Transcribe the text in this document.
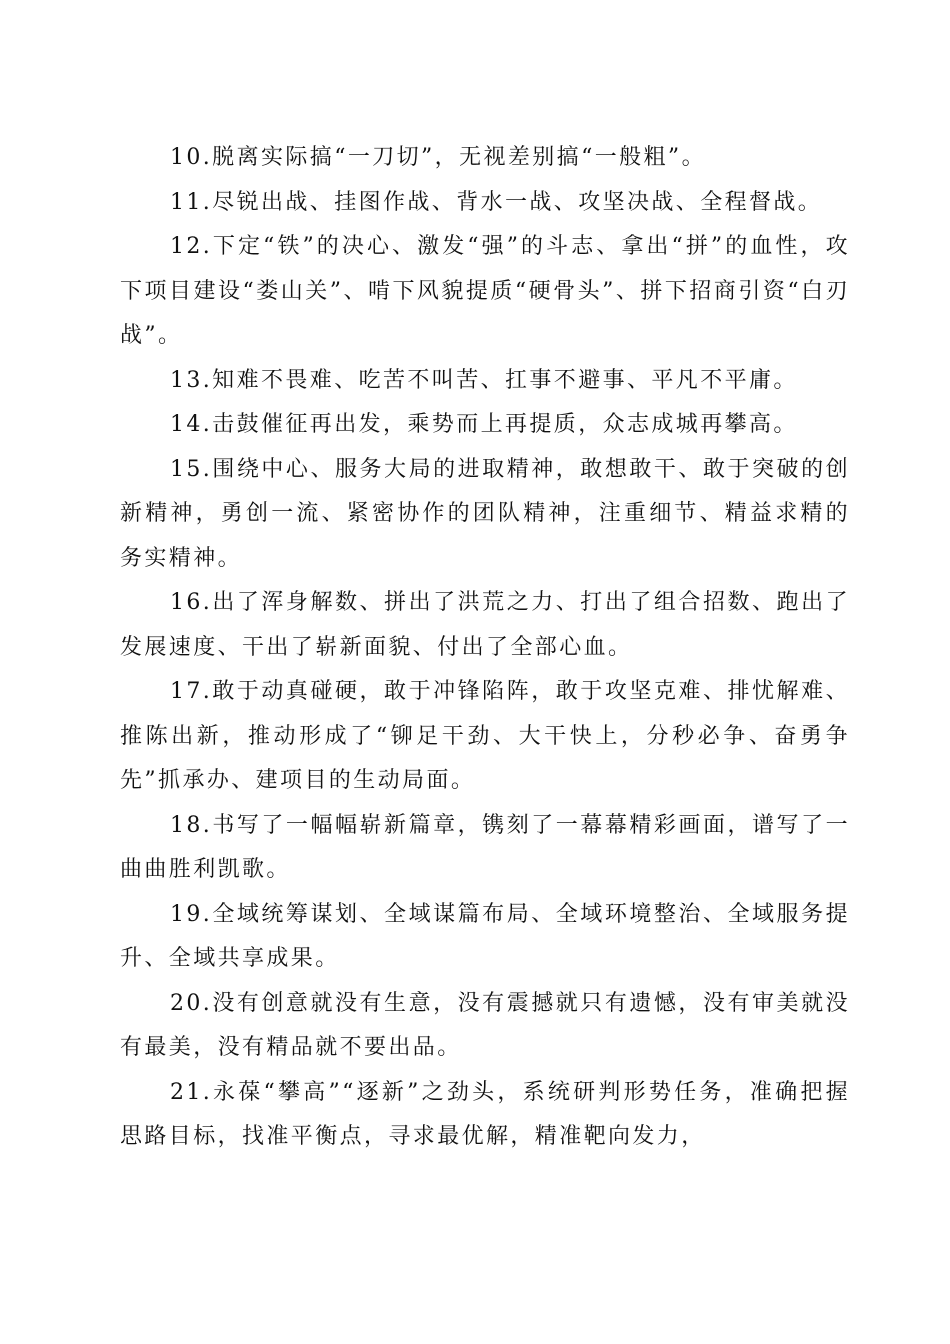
10.脱离实际搞“一刀切”，无视差别搞“一般粗”。

11.尽锐出战、挂图作战、背水一战、攻坚决战、全程督战。

12.下定“铁”的决心、激发“强”的斗志、拿出“拼”的血性，攻下项目建设“娄山关”、啃下风貌提质“硬骨头”、拼下招商引资“白刃战”。

13.知难不畏难、吃苦不叫苦、扛事不避事、平凡不平庸。

14.击鼓催征再出发，乘势而上再提质，众志成城再攀高。

15.围绕中心、服务大局的进取精神，敢想敢干、敢于突破的创新精神，勇创一流、紧密协作的团队精神，注重细节、精益求精的务实精神。

16.出了浑身解数、拼出了洪荒之力、打出了组合招数、跑出了发展速度、干出了崭新面貌、付出了全部心血。

17.敢于动真碰硬，敢于冲锋陷阵，敢于攻坚克难、排忧解难、推陈出新，推动形成了“铆足干劲、大干快上，分秒必争、奋勇争先”抓承办、建项目的生动局面。

18.书写了一幅幅崭新篇章，镌刻了一幕幕精彩画面，谱写了一曲曲胜利凯歌。

19.全域统筹谋划、全域谋篇布局、全域环境整治、全域服务提升、全域共享成果。

20.没有创意就没有生意，没有震撼就只有遗憾，没有审美就没有最美，没有精品就不要出品。

21.永葆“攀高”“逐新”之劲头，系统研判形势任务，准确把握思路目标，找准平衡点，寻求最优解，精准靶向发力，
